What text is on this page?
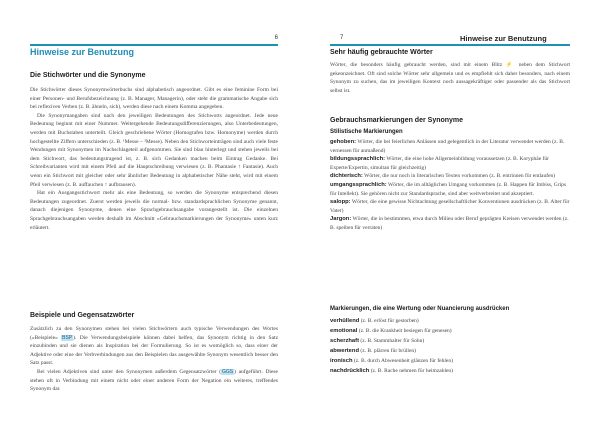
6
Hinweise zur Benutzung

Die Stichwörter und die Synonyme

Die Stichwörter dieses Synonymwörterbuchs sind alphabetisch angeordnet. Gibt es eine feminine Form bei einer Personen- und Berufsbezeichnung (z. B. Manager, Managerin), oder steht die grammatische Angabe sich bei reflexiven Verben (z. B. ähneln, sich), werden diese nach einem Komma angegeben.

Die Synonymangaben sind nach den jeweiligen Bedeutungen des Stichworts angeordnet. Jede neue Bedeutung beginnt mit einer Nummer. Weitergehende Bedeutungsdifferenzierungen, also Unterbedeutungen, werden mit Buchstaben unterteilt. Gleich geschriebene Wörter (Homografen bzw. Homonyme) werden durch hochgestellte Ziffern unterschieden (z. B. ¹Messe – ²Messe). Neben den Stichworteinträgen sind auch viele feste Wendungen mit Synonymen im Nachschlageteil aufgenommen. Sie sind blau hinterlegt und stehen jeweils bei dem Stichwort, das bedeutungstragend ist, z. B. sich Gedanken machen beim Eintrag Gedanke. Bei Schreibvarianten wird mit einem Pfeil auf die Hauptschreibung verwiesen (z. B. Phantasie ↑ Fantasie). Auch wenn ein Stichwort mit gleicher oder sehr ähnlicher Bedeutung in alphabetischer Nähe steht, wird mit einem Pfeil verwiesen (z. B. auffauchen ↑ aufbrausen).

Hat ein Ausgangsstichwort mehr als eine Bedeutung, so werden die Synonyme entsprechend diesen Bedeutungen zugeordnet. Zuerst werden jeweils die normal- bzw. standardsprachlichen Synonyme genannt, danach diejenigen Synonyme, denen eine Sprachgebrauchsangabe vorangestellt ist. Die einzelnen Sprachgebrauchsangaben werden deshalb im Abschnitt »Gebrauchsmarkierungen der Synonyme« unten kurz erläutert.

Beispiele und Gegensatzwörter

Zusätzlich zu den Synonymen stehen bei vielen Stichwörtern auch typische Verwendungen des Wortes (»Beispiele« BSP). Die Verwendungsbeispiele können dabei helfen, das Synonym richtig in den Satz einzubinden und sie dienen als Inspiration bei der Formulierung. So ist es womöglich so, dass einer der Adjektive oder eine der Verbverbindungen aus den Beispielen das ausgewählte Synonym wesentlich besser den Satz passt.

Bei vielen Adjektiven sind unter den Synonymen außerdem Gegensatzwörter (GGS) aufgeführt. Diese stehen oft in Verbindung mit einem nicht oder einer anderen Form der Negation ein weiteres, treffendes Synonym dar.

7	Hinweise zur Benutzung

Sehr häufig gebrauchte Wörter

Wörter, die besonders häufig gebraucht werden, sind mit einem Blitz ⚡ neben dem Stichwort gekennzeichnet. Oft sind solche Wörter sehr allgemein und es empfiehlt sich daher besonders, nach einem Synonym zu suchen, das im jeweiligen Kontext noch aussagekräftiger oder passender als das Stichwort selbst ist.

Gebrauchsmarkierungen der Synonyme

Stilistische Markierungen

gehoben: Wörter, die bei feierlichen Anlässen und gelegentlich in der Literatur verwendet werden (z. B. vernessen für anmaßend)

bildungssprachlich: Wörter, die eine hohe Allgemeinbildung voraussetzen (z. B. Koryphäe für Experte/Expertin, simultan für gleichzeitig)

dichterisch: Wörter, die nur noch in literarischen Texten vorkommen (z. B. entrinnen für entlaufen)

umgangssprachlich: Wörter, die im alltäglichen Umgang vorkommen (z. B. Happen für Imbiss, Grips für Intellekt). Sie gehören nicht zur Standardsprache, sind aber weitverbreitet und akzeptiert.

salopp: Wörter, die eine gewisse Nichtachtung gesellschaftlicher Konventionen ausdrücken (z. B. Alter für Vater)

Jargon: Wörter, die in bestimmten, etwa durch Milieu oder Beruf geprägten Kreisen verwendet werden (z. B. speiben für verraten)

Markierungen, die eine Wertung oder Nuancierung ausdrücken

verhüllend (z. B. erlöst für gestorben)

emotional (z. B. die Krankheit besiegen für genesen)

scherzhaft (z. B. Stammhalter für Sohn)

abwertend (z. B. plärren für brüllen)

ironisch (z. B. durch Abwesenheit glänzen für fehlen)

nachdrücklich (z. B. Rache nehmen für heimzahlen)
